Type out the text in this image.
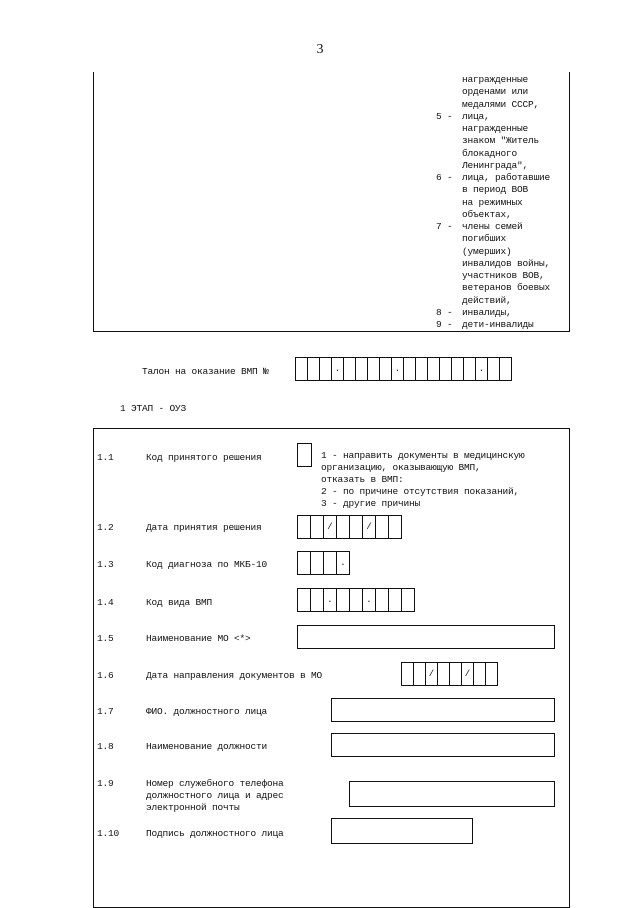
3
награжденные
орденами или
медалями СССР,
5 - лица,
награжденные
знаком "Житель
блокадного
Ленинграда",
6 - лица, работавшие
в период ВОВ
на режимных
объектах,
7 - члены семей
погибших
(умерших)
инвалидов войны,
участников ВОВ,
ветеранов боевых
действий,
8 - инвалиды,
9 - дети-инвалиды
Талон на оказание ВМП №	.	.	.
1 ЭТАП - ОУЗ
1.1	Код принятого решения	1 - направить документы в медицинскую
организацию, оказывающую ВМП,
отказать в ВМП:
2 - по причине отсутствия показаний,
3 - другие причины
1.2	Дата принятия решения	/	/
1.3	Код диагноза по МКБ-10	.
1.4	Код вида ВМП	.	.
1.5	Наименование МО <*>
1.6	Дата направления документов в МО	/	/
1.7	ФИО. должностного лица
1.8	Наименование должности
1.9	Номер служебного телефона
должностного лица и адрес
электронной почты
1.10	Подпись должностного лица
